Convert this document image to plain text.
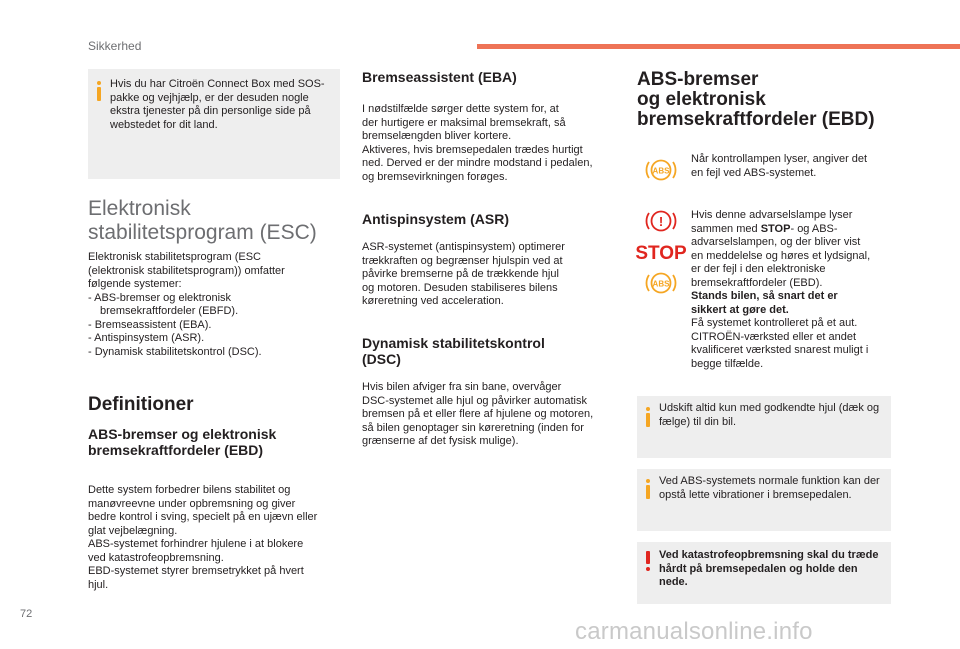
Sikkerhed
Hvis du har Citroën Connect Box med SOS-pakke og vejhjælp, er der desuden nogle ekstra tjenester på din personlige side på webstedet for dit land.
Elektronisk
stabilitetsprogram (ESC)
Elektronisk stabilitetsprogram (ESC
(elektronisk stabilitetsprogram)) omfatter
følgende systemer:
- ABS-bremser og elektronisk bremsekraftfordeler (EBFD).
- Bremseassistent (EBA).
- Antispinsystem (ASR).
- Dynamisk stabilitetskontrol (DSC).
Definitioner
ABS-bremser og elektronisk
bremsekraftfordeler (EBD)
Dette system forbedrer bilens stabilitet og
manøvreevne under opbremsning og giver
bedre kontrol i sving, specielt på en ujævn eller
glat vejbelægning.
ABS-systemet forhindrer hjulene i at blokere
ved katastrofeopbremsning.
EBD-systemet styrer bremsetrykket på hvert
hjul.
Bremseassistent (EBA)
I nødstilfælde sørger dette system for, at
der hurtigere er maksimal bremsekraft, så
bremselængden bliver kortere.
Aktiveres, hvis bremsepedalen trædes hurtigt
ned. Derved er der mindre modstand i pedalen,
og bremsevirkningen forøges.
Antispinsystem (ASR)
ASR-systemet (antispinsystem) optimerer
trækkraften og begrænser hjulspin ved at
påvirke bremserne på de trækkende hjul
og motoren. Desuden stabiliseres bilens
køreretning ved acceleration.
Dynamisk stabilitetskontrol
(DSC)
Hvis bilen afviger fra sin bane, overvåger
DSC-systemet alle hjul og påvirker automatisk
bremsen på et eller flere af hjulene og motoren,
så bilen genoptager sin køreretning (inden for
grænserne af det fysisk mulige).
ABS-bremser
og elektronisk
bremsekraftfordeler (EBD)
ABS
Når kontrollampen lyser, angiver det
en fejl ved ABS-systemet.
!
STOP
ABS
Hvis denne advarselslampe lyser
sammen med STOP- og ABS-
advarselslampen, og der bliver vist
en meddelelse og høres et lydsignal,
er der fejl i den elektroniske
bremsekraftfordeler (EBD).
Stands bilen, så snart det er
sikkert at gøre det.
Få systemet kontrolleret på et aut.
CITROËN-værksted eller et andet
kvalificeret værksted snarest muligt i
begge tilfælde.
Udskift altid kun med godkendte hjul (dæk og fælge) til din bil.
Ved ABS-systemets normale funktion kan der opstå lette vibrationer i bremsepedalen.
Ved katastrofeopbremsning skal du træde hårdt på bremsepedalen og holde den nede.
72
carmanualsonline.info
